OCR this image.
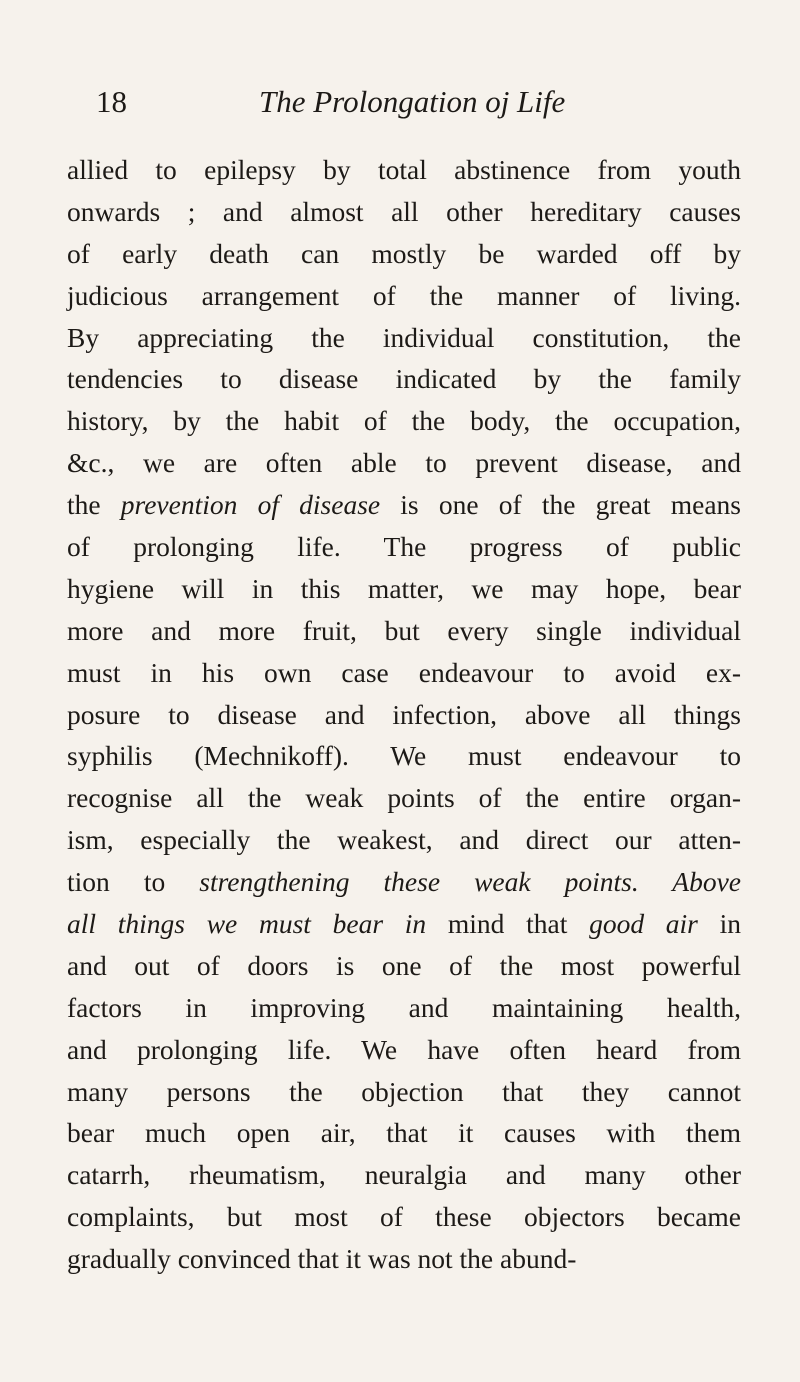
18	The Prolongation oj Life
allied to epilepsy by total abstinence from youth
onwards ; and almost all other hereditary causes
of early death can mostly be warded off by
judicious arrangement of the manner of living.
By appreciating the individual constitution, the
tendencies to disease indicated by the family
history, by the habit of the body, the occupation,
&c., we are often able to prevent disease, and
the prevention of disease is one of the great means
of prolonging life. The progress of public
hygiene will in this matter, we may hope, bear
more and more fruit, but every single individual
must in his own case endeavour to avoid ex-
posure to disease and infection, above all things
syphilis (Mechnikoff). We must endeavour to
recognise all the weak points of the entire organ-
ism, especially the weakest, and direct our atten-
tion to strengthening these weak points. Above
all things we must bear in mind that good air in
and out of doors is one of the most powerful
factors in improving and maintaining health,
and prolonging life. We have often heard from
many persons the objection that they cannot
bear much open air, that it causes with them
catarrh, rheumatism, neuralgia and many other
complaints, but most of these objectors became
gradually convinced that it was not the abund-
